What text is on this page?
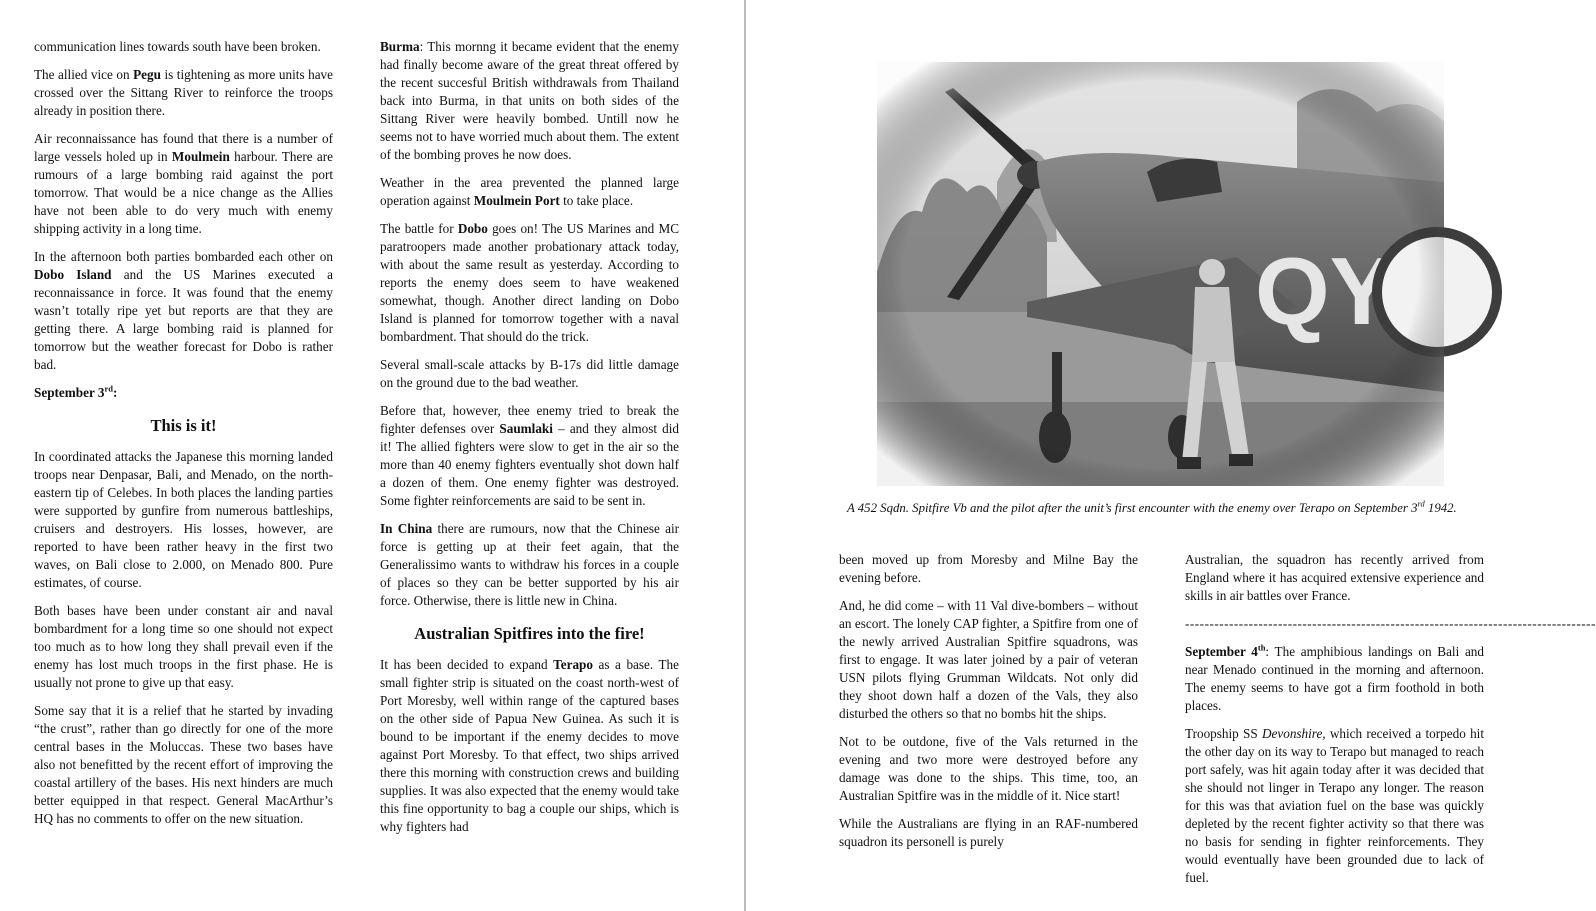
communication lines towards south have been broken.

The allied vice on Pegu is tightening as more units have crossed over the Sittang River to reinforce the troops already in position there.

Air reconnaissance has found that there is a number of large vessels holed up in Moulmein harbour. There are rumours of a large bombing raid against the port tomorrow. That would be a nice change as the Allies have not been able to do very much with enemy shipping activity in a long time.

In the afternoon both parties bombarded each other on Dobo Island and the US Marines executed a reconnaissance in force. It was found that the enemy wasn’t totally ripe yet but reports are that they are getting there. A large bombing raid is planned for tomorrow but the weather forecast for Dobo is rather bad.

September 3rd:

This is it!

In coordinated attacks the Japanese this morning landed troops near Denpasar, Bali, and Menado, on the north-eastern tip of Celebes. In both places the landing parties were supported by gunfire from numerous battleships, cruisers and destroyers. His losses, however, are reported to have been rather heavy in the first two waves, on Bali close to 2.000, on Menado 800. Pure estimates, of course.

Both bases have been under constant air and naval bombardment for a long time so one should not expect too much as to how long they shall prevail even if the enemy has lost much troops in the first phase. He is usually not prone to give up that easy.

Some say that it is a relief that he started by invading “the crust”, rather than go directly for one of the more central bases in the Moluccas. These two bases have also not benefitted by the recent effort of improving the coastal artillery of the bases. His next hinders are much better equipped in that respect. General MacArthur’s HQ has no comments to offer on the new situation.

Burma: This mornng it became evident that the enemy had finally become aware of the great threat offered by the recent succesful British withdrawals from Thailand back into Burma, in that units on both sides of the Sittang River were heavily bombed. Untill now he seems not to have worried much about them. The extent of the bombing proves he now does.

Weather in the area prevented the planned large operation against Moulmein Port to take place.

The battle for Dobo goes on! The US Marines and MC paratroopers made another probationary attack today, with about the same result as yesterday. According to reports the enemy does seem to have weakened somewhat, though. Another direct landing on Dobo Island is planned for tomorrow together with a naval bombardment. That should do the trick.

Several small-scale attacks by B-17s did little damage on the ground due to the bad weather.

Before that, however, thee enemy tried to break the fighter defenses over Saumlaki – and they almost did it! The allied fighters were slow to get in the air so the more than 40 enemy fighters eventually shot down half a dozen of them. One enemy fighter was destroyed. Some fighter reinforcements are said to be sent in.

In China there are rumours, now that the Chinese air force is getting up at their feet again, that the Generalissimo wants to withdraw his forces in a couple of places so they can be better supported by his air force. Otherwise, there is little new in China.

Australian Spitfires into the fire!

It has been decided to expand Terapo as a base. The small fighter strip is situated on the coast north-west of Port Moresby, well within range of the captured bases on the other side of Papua New Guinea. As such it is bound to be important if the enemy decides to move against Port Moresby. To that effect, two ships arrived there this morning with construction crews and building supplies. It was also expected that the enemy would take this fine opportunity to bag a couple our ships, which is why fighters had

A 452 Sqdn. Spitfire Vb and the pilot after the unit’s first encounter with the enemy over Terapo on September 3rd 1942.

been moved up from Moresby and Milne Bay the evening before.

And, he did come – with 11 Val dive-bombers – without an escort. The lonely CAP fighter, a Spitfire from one of the newly arrived Australian Spitfire squadrons, was first to engage. It was later joined by a pair of veteran USN pilots flying Grumman Wildcats. Not only did they shoot down half a dozen of the Vals, they also disturbed the others so that no bombs hit the ships.

Not to be outdone, five of the Vals returned in the evening and two more were destroyed before any damage was done to the ships. This time, too, an Australian Spitfire was in the middle of it. Nice start!

While the Australians are flying in an RAF-numbered squadron its personell is purely

Australian, the squadron has recently arrived from England where it has acquired extensive experience and skills in air battles over France.

------------------------------------------------------------------------------------

September 4th: The amphibious landings on Bali and near Menado continued in the morning and afternoon. The enemy seems to have got a firm foothold in both places.

Troopship SS Devonshire, which received a torpedo hit the other day on its way to Terapo but managed to reach port safely, was hit again today after it was decided that she should not linger in Terapo any longer. The reason for this was that aviation fuel on the base was quickly depleted by the recent fighter activity so that there was no basis for sending in fighter reinforcements. They would eventually have been grounded due to lack of fuel.
